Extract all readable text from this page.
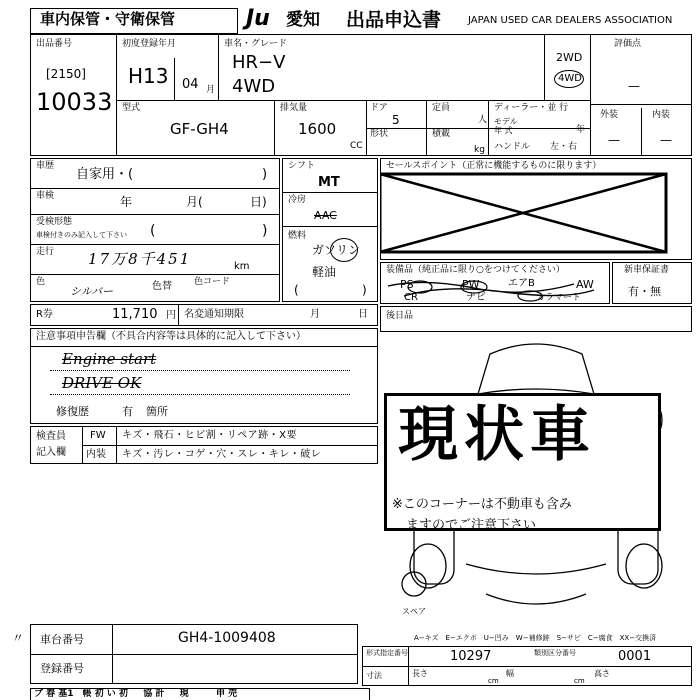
車内保管・守衛保管	Ju 愛知 出品申込書	JAPAN USED CAR DEALERS ASSOCIATION
出品番号
[2150]
10033
初度登録年月
H13 04 月
車名・グレード
HR−V
4WD
2WD
4WD
評価点
—
外装	内装
—	—
型式
GF-GH4
排気量
1600
CC
ドア
5
形状
定員
人
積載
kg
ディーラー・並 行
モデル
年 式	年
ハンドル 左・右
車歴
自家用・(	)
車検	年	月(	日)
受検形態
車検付きのみ記入して下さい (	)
走行 17万8千451	km
色
シルバー	色替 色コード
シフト
MT
冷房
AAC
燃料
ガソリン
軽油
(	)
セールスポイント（正常に機能するものに限ります）
装備品（純正品に限り○をつけてください）
PS	PW	エアB	AW
CR	ナビ	カラマート
新車保証書
有・無
R券	11,710 円 名変通知期限	月	日 後日品
注意事項申告欄（不具合内容等は具体的に記入して下さい）
Engine start
DRIVE OK
修復歴	有 箇所
検査員
記入欄
FW キズ・飛石・ヒビ割・リペア跡・X要
内装 キズ・汚レ・コゲ・穴・スレ・キレ・破レ
スペア
現状車
※このコーナーは不動車も含み
ますのでご注意下さい
A−キズ　E−エクボ　U−凹み　W−補修跡　S−サビ　C−腐食　XX−交換済
〃 車台番号	GH4-1009408
登録番号
形式指定番号	10297	類別区分番号	0001
寸法	長さ	幅	高さ
cm	cm
ブ 春 基1　帳 初 い 初 　 協 計 　 現 　 　 申 売
